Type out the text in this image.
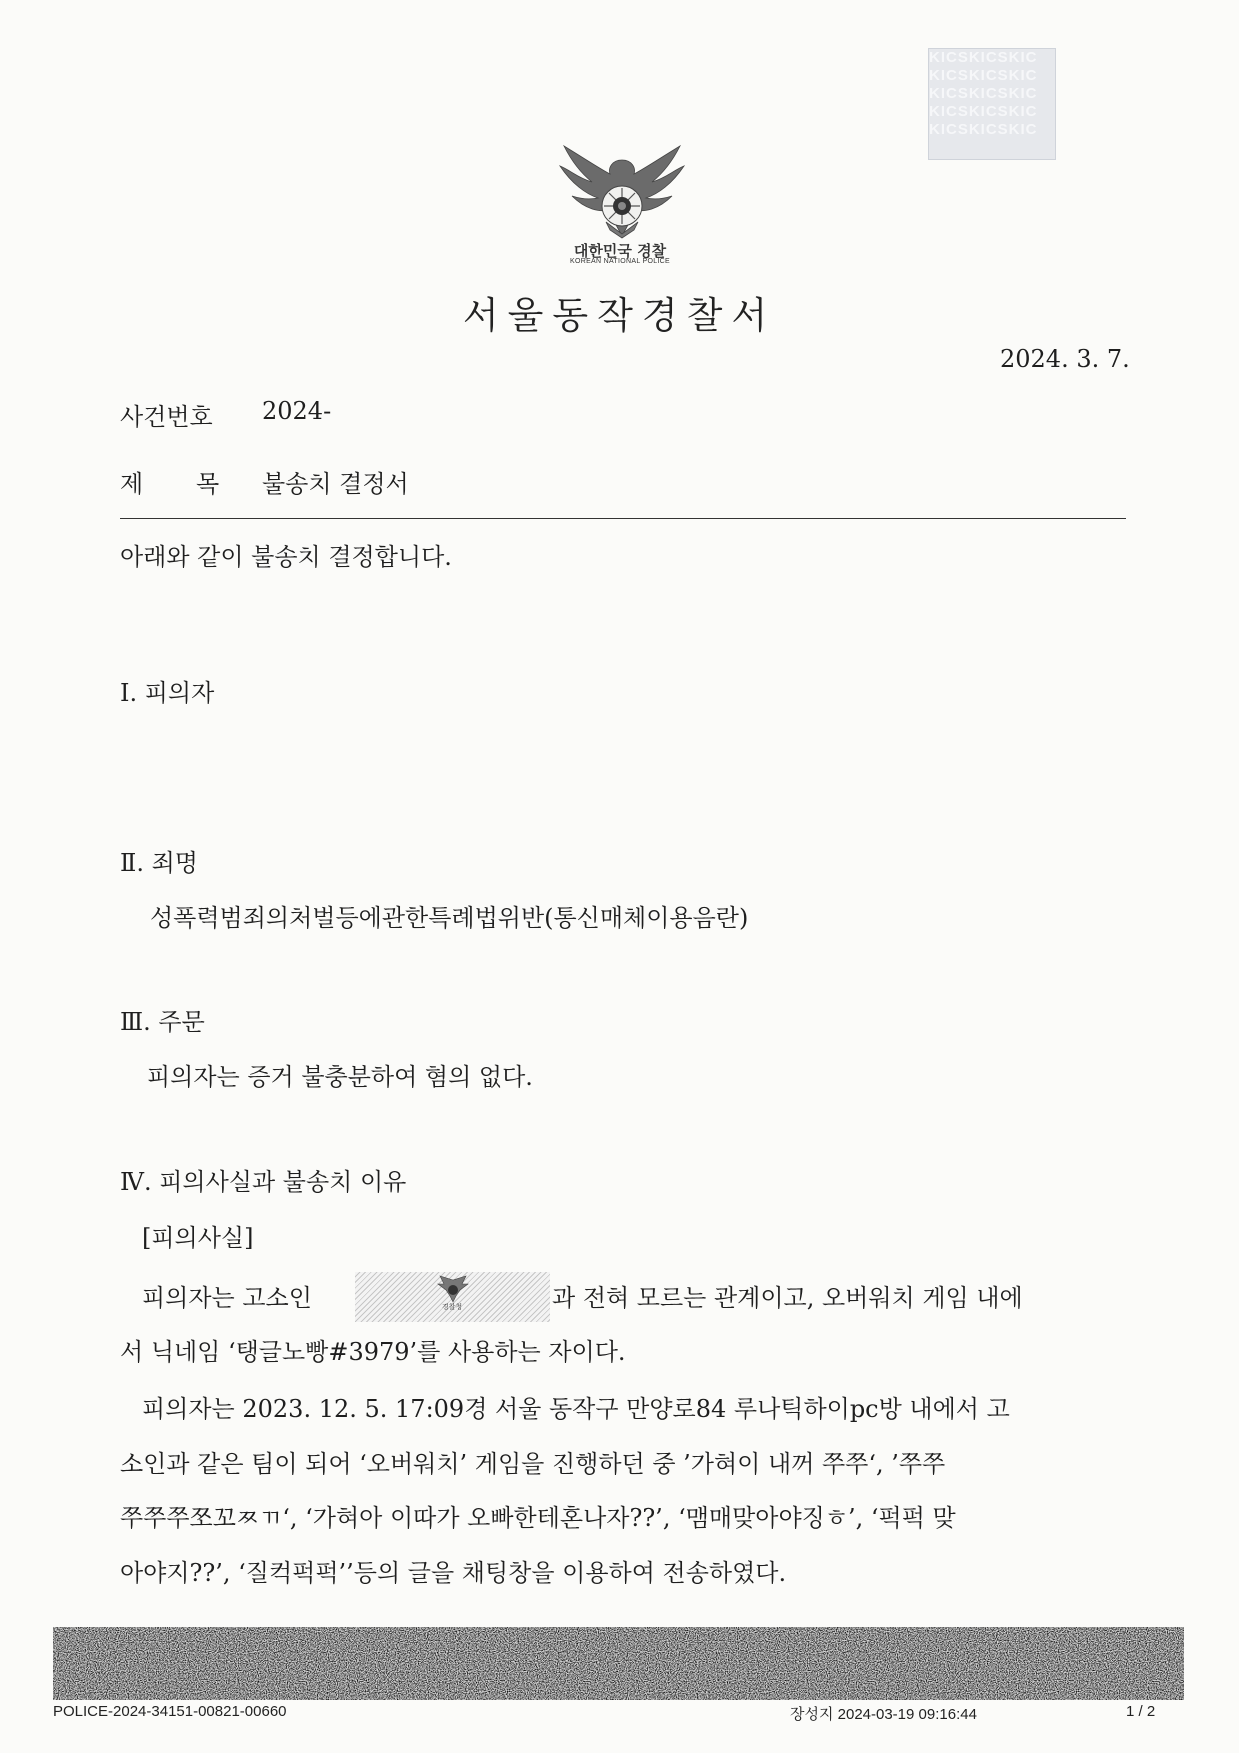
KICSKICSKIC
KICSKICSKIC
KICSKICSKIC
KICSKICSKIC
KICSKICSKIC
대한민국 경찰
KOREAN NATIONAL POLICE
서울동작경찰서
2024. 3. 7.
사건번호 2024-
제 목 불송치 결정서
아래와 같이 불송치 결정합니다.
Ⅰ. 피의자
Ⅱ. 죄명
성폭력범죄의처벌등에관한특례법위반(통신매체이용음란)
Ⅲ. 주문
피의자는 증거 불충분하여 혐의 없다.
Ⅳ. 피의사실과 불송치 이유
[피의사실]
피의자는 고소인	경찰청	과 전혀 모르는 관계이고, 오버워치 게임 내에
서 닉네임 ‘탱글노빵#3979’를 사용하는 자이다.
피의자는 2023. 12. 5. 17:09경 서울 동작구 만양로84 루나틱하이pc방 내에서 고
소인과 같은 팀이 되어 ‘오버워치’ 게임을 진행하던 중 ’가혀이 내꺼 쭈쭈‘, ’쭈쭈
쭈쭈쭈쪼꼬ㅉㄲ‘, ‘가혀아 이따가 오빠한테혼나자??’, ‘맴매맞아야징ㅎ’, ‘퍽퍽 맞
아야지??’, ‘질컥퍽퍽’’등의 글을 채팅창을 이용하여 전송하였다.
POLICE-2024-34151-00821-00660	장성지 2024-03-19 09:16:44	1 / 2
